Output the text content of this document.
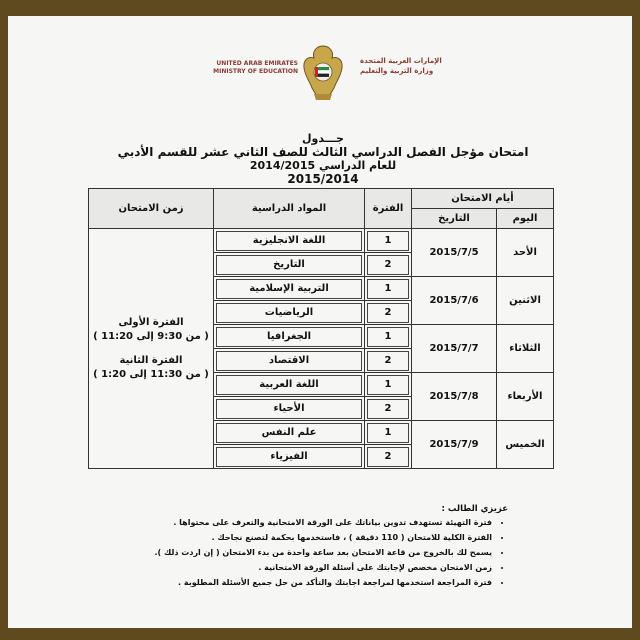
UNITED ARAB EMIRATES
MINISTRY OF EDUCATION
الإمارات العربية المتحدة
وزارة التربية والتعليم
جـــدول
امتحان مؤجل الفصل الدراسي الثالث للصف الثاني عشر للقسم الأدبي
للعام الدراسي 2014/2015
2015/2014
أيام الامتحان		الفترة	المواد الدراسية	زمن الامتحان
اليوم	التاريخ			
الأحد	2015/7/5	1	اللغة الانجليزية	الفترة الأولى
( من 9:30 إلى 11:20 )
الفترة الثانية
( من 11:30 إلى 1:20 )

		2	التاريخ	

الاثنين	2015/7/6	1	التربية الإسلامية	

		2	الرياضيات	

الثلاثاء	2015/7/7	1	الجغرافيا	

		2	الاقتصاد	

الأربعاء	2015/7/8	1	اللغة العربية	

		2	الأحياء	

الخميس	2015/7/9	1	علم النفس	

		2	الفيزياء	
عزيزي الطالب :
• فترة التهيئة تستهدف تدوين بياناتك على الورقة الامتحانية والتعرف على محتواها .
• الفترة الكلية للامتحان ( 110 دقيقة ) ، فاستخدمها بحكمة لتصنع نجاحك .
• يسمح لك بالخروج من قاعة الامتحان بعد ساعة واحدة من بدء الامتحان ( إن اردت ذلك ).
• زمن الامتحان مخصص لإجابتك على أسئلة الورقة الامتحانية .
• فترة المراجعة استخدمها لمراجعة اجابتك والتأكد من حل جميع الأسئلة المطلوبة .
